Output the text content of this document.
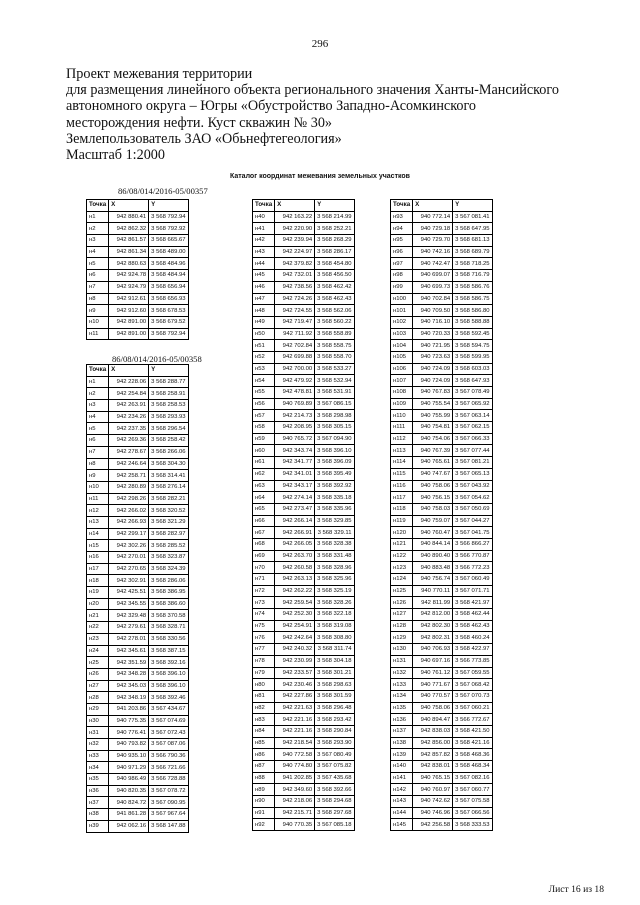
296
Проект межевания территории
для размещения линейного объекта регионального значения Ханты-Мансийского
автономного округа – Югры «Обустройство Западно-Асомкинского
месторождения нефти. Куст скважин № 30»
Землепользователь ЗАО «Обьнефтегеология»
Масштаб 1:2000
Каталог координат межевания земельных участков
86/08/014/2016-05/00357
Точка	X	Y
н1	942 880.41	3 568 792.94
н2	942 862.32	3 568 792.92
н3	942 861.57	3 568 665.67
н4	942 861.34	3 568 489.00
н5	942 880.63	3 568 484.96
н6	942 924.78	3 568 484.94
н7	942 924.79	3 568 656.94
н8	942 912.61	3 568 656.93
н9	942 912.60	3 568 678.53
н10	942 891.00	3 568 679.52
н11	942 891.00	3 568 792.94
86/08/014/2016-05/00358
Точка	X	Y
н1	942 228.06	3 568 288.77
н2	942 254.84	3 568 258.91
н3	942 263.91	3 568 258.53
н4	942 234.26	3 568 293.93
н5	942 237.35	3 568 296.54
н6	942 269.36	3 568 258.42
н7	942 278.67	3 568 266.06
н8	942 246.64	3 568 304.30
н9	942 258.71	3 568 314.41
н10	942 280.89	3 568 276.14
н11	942 298.26	3 568 282.21
н12	942 266.02	3 568 320.52
н13	942 266.93	3 568 321.29
н14	942 299.17	3 568 282.97
н15	942 302.26	3 568 285.52
н16	942 270.01	3 568 323.87
н17	942 270.65	3 568 324.39
н18	942 302.91	3 568 286.06
н19	942 425.51	3 568 386.95
н20	942 345.55	3 568 386.60
н21	942 329.48	3 568 370.58
н22	942 279.61	3 568 328.71
н23	942 278.01	3 568 330.56
н24	942 345.61	3 568 387.15
н25	942 351.59	3 568 392.16
н26	942 348.28	3 568 396.10
н27	942 345.03	3 568 396.10
н28	942 348.19	3 568 392.46
н29	941 203.86	3 567 434.67
н30	940 775.35	3 567 074.69
н31	940 776.41	3 567 072.43
н32	940 793.82	3 567 087.06
н33	940 935.10	3 566 790.36
н34	940 971.29	3 566 721.66
н35	940 986.49	3 566 728.88
н36	940 820.35	3 567 078.72
н37	940 824.72	3 567 090.95
н38	941 861.28	3 567 967.64
н39	942 062.16	3 568 147.88
Точка	X	Y
н40	942 163.22	3 568 214.99
н41	942 220.90	3 568 252.21
н42	942 239.94	3 568 268.29
н43	942 224.97	3 568 286.17
н44	942 379.82	3 568 454.80
н45	942 732.01	3 568 456.50
н46	942 738.56	3 568 462.42
н47	942 724.26	3 568 462.43
н48	942 724.55	3 568 562.06
н49	942 719.47	3 568 560.22
н50	942 711.92	3 568 558.89
н51	942 702.84	3 568 558.75
н52	942 699.88	3 568 558.70
н53	942 700.00	3 568 533.27
н54	942 479.92	3 568 532.94
н55	942 478.81	3 568 531.91
н56	940 769.89	3 567 086.15
н57	942 214.73	3 568 298.98
н58	942 208.95	3 568 305.15
н59	940 765.72	3 567 094.90
н60	942 343.74	3 568 396.10
н61	942 341.77	3 568 396.09
н62	942 341.01	3 568 395.49
н63	942 343.17	3 568 392.92
н64	942 274.14	3 568 335.18
н65	942 273.47	3 568 335.96
н66	942 266.14	3 568 329.85
н67	942 266.91	3 568 329.11
н68	942 266.05	3 568 328.38
н69	942 263.70	3 568 331.48
н70	942 260.58	3 568 328.96
н71	942 263.13	3 568 325.96
н72	942 262.22	3 568 325.19
н73	942 259.54	3 568 328.26
н74	942 252.30	3 568 322.18
н75	942 254.91	3 568 319.08
н76	942 242.64	3 568 308.80
н77	942 240.32	3 568 311.74
н78	942 230.99	3 568 304.18
н79	942 233.57	3 568 301.21
н80	942 230.46	3 568 298.63
н81	942 227.86	3 568 301.59
н82	942 221.63	3 568 296.48
н83	942 221.16	3 568 293.42
н84	942 221.16	3 568 290.84
н85	942 218.54	3 568 293.90
н86	940 772.58	3 567 080.49
н87	940 774.80	3 567 075.82
н88	941 202.85	3 567 435.68
н89	942 349.60	3 568 392.66
н90	942 218.06	3 568 294.68
н91	942 215.71	3 568 297.68
н92	940 770.35	3 567 085.18
Точка	X	Y
н93	940 772.14	3 567 081.41
н94	940 729.18	3 568 647.95
н95	940 729.70	3 568 681.13
н96	940 742.16	3 568 689.79
н97	940 742.47	3 568 718.25
н98	940 699.07	3 568 716.79
н99	940 699.73	3 568 586.76
н100	940 702.84	3 568 586.75
н101	940 709.50	3 568 586.80
н102	940 716.10	3 568 588.88
н103	940 720.33	3 568 592.45
н104	940 721.95	3 568 594.75
н105	940 723.63	3 568 599.95
н106	940 724.09	3 568 603.03
н107	940 724.09	3 568 647.93
н108	940 767.83	3 567 078.49
н109	940 755.54	3 567 065.92
н110	940 755.99	3 567 063.14
н111	940 754.81	3 567 062.15
н112	940 754.06	3 567 066.33
н113	940 767.39	3 567 077.44
н114	940 765.61	3 567 081.21
н115	940 747.67	3 567 065.13
н116	940 758.06	3 567 043.92
н117	940 756.15	3 567 054.62
н118	940 758.03	3 567 050.69
н119	940 759.07	3 567 044.27
н120	940 760.47	3 567 041.75
н121	940 844.14	3 566 866.27
н122	940 890.40	3 566 770.87
н123	940 883.48	3 566 772.23
н124	940 756.74	3 567 060.49
н125	940 770.11	3 567 071.71
н126	942 811.99	3 568 421.97
н127	942 812.00	3 568 462.44
н128	942 802.30	3 568 462.43
н129	942 802.31	3 568 460.24
н130	940 706.93	3 568 422.97
н131	940 697.16	3 566 773.85
н132	940 761.12	3 567 059.55
н133	940 771.67	3 567 068.42
н134	940 770.57	3 567 070.73
н135	940 758.06	3 567 060.21
н136	940 894.47	3 566 772.67
н137	942 838.03	3 568 421.50
н138	942 856.00	3 568 421.16
н139	942 857.82	3 568 468.36
н140	942 838.01	3 568 468.34
н141	940 765.15	3 567 082.16
н142	940 760.97	3 567 060.77
н143	940 742.62	3 567 075.58
н144	940 746.96	3 567 066.56
н145	942 256.58	3 568 333.53
Лист 16 из 18
